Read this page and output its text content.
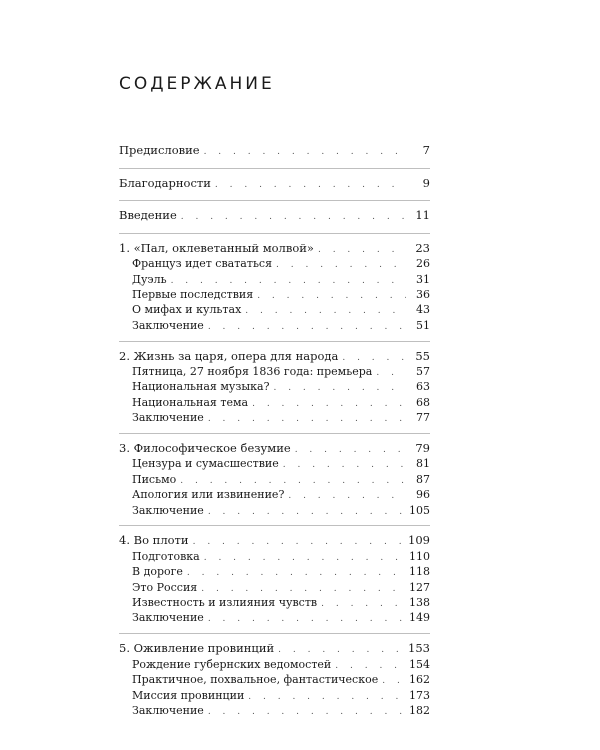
СОДЕРЖАНИЕ
Предисловие . . .	7
Благодарности . . .	9
Введение . . .	11
1. «Пал, оклеветанный молвой» . . .	23
Француз идет свататься . . .	26
Дуэль . . .	31
Первые последствия . . .	36
О мифах и культах . . .	43
Заключение . . .	51
2. Жизнь за царя, опера для народа . . .	55
Пятница, 27 ноября 1836 года: премьера . . .	57
Национальная музыка? . . .	63
Национальная тема . . .	68
Заключение . . .	77
3. Философическое безумие . . .	79
Цензура и сумасшествие . . .	81
Письмо . . .	87
Апология или извинение? . . .	96
Заключение . . .	105
4. Во плоти . . .	109
Подготовка . . .	110
В дороге . . .	118
Это Россия . . .	127
Известность и излияния чувств . . .	138
Заключение . . .	149
5. Оживление провинций . . .	153
Рождение губернских ведомостей . . .	154
Практичное, похвальное, фантастическое . . .	162
Миссия провинции . . .	173
Заключение . . .	182
